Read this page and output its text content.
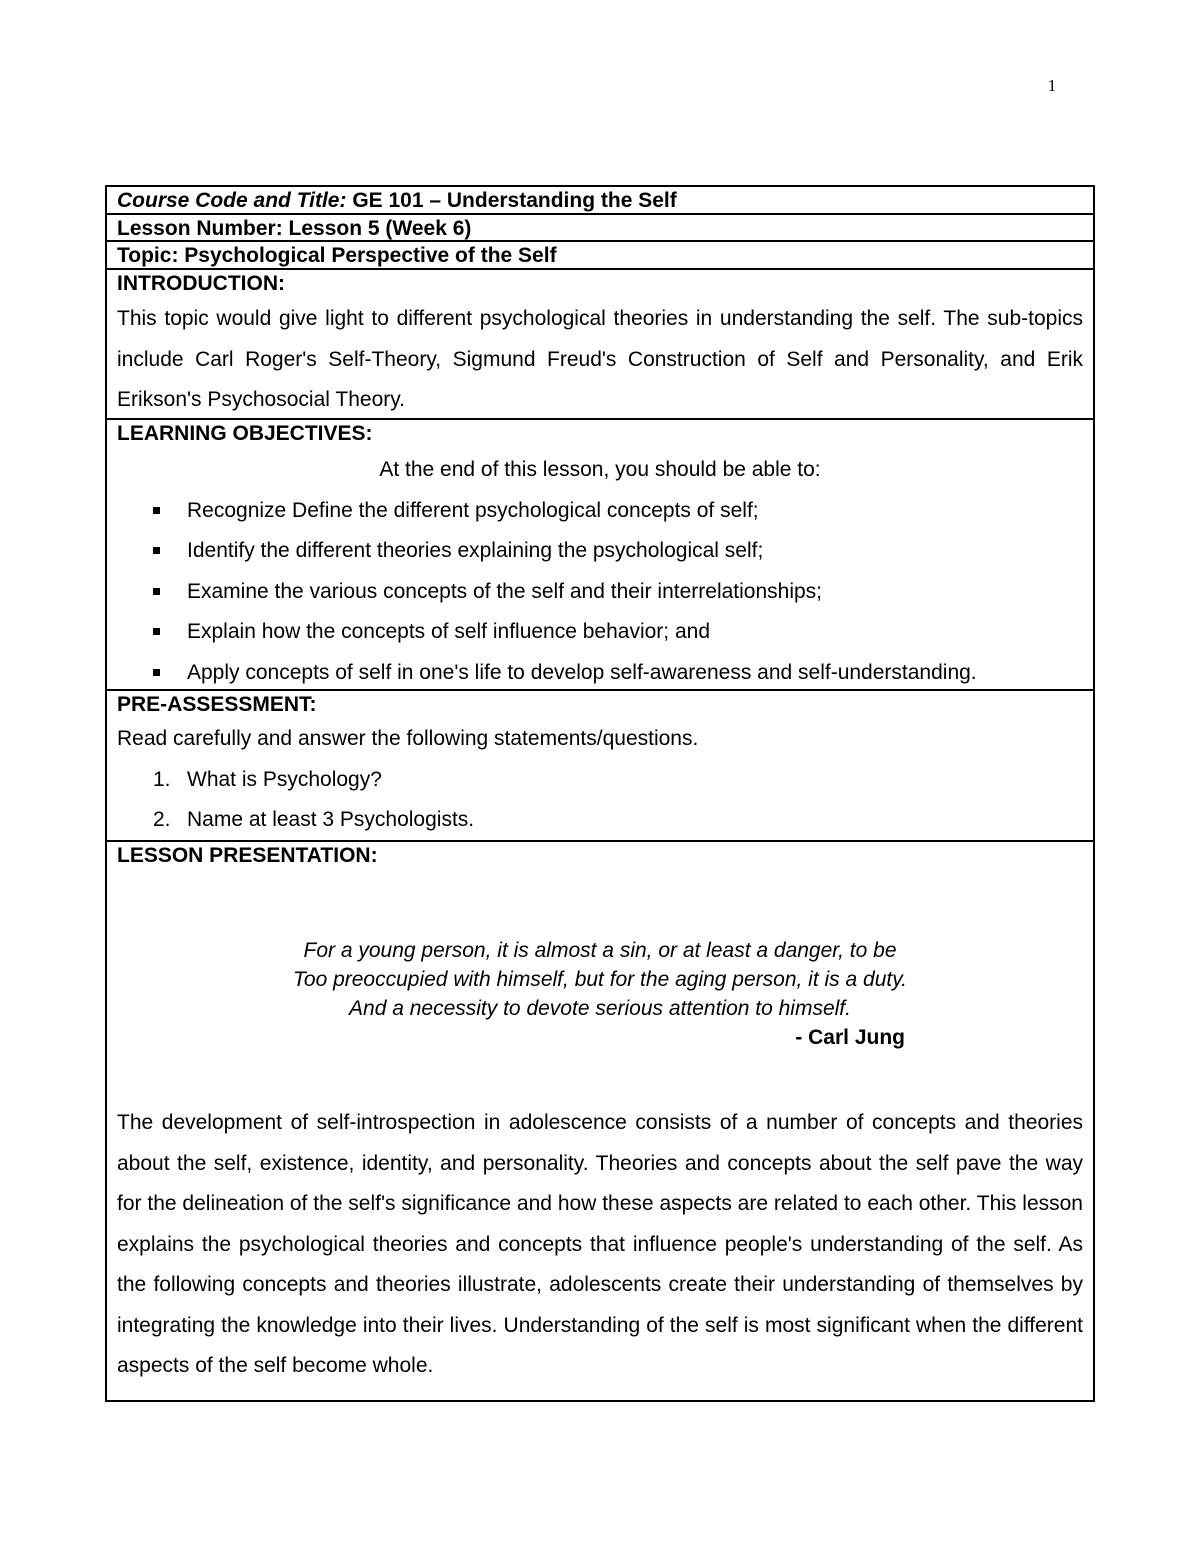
1
Course Code and Title: GE 101 – Understanding the Self
Lesson Number: Lesson 5 (Week 6)
Topic: Psychological Perspective of the Self
INTRODUCTION:
This topic would give light to different psychological theories in understanding the self. The sub-topics include Carl Roger's Self-Theory, Sigmund Freud's Construction of Self and Personality, and Erik Erikson's Psychosocial Theory.
LEARNING OBJECTIVES:
At the end of this lesson, you should be able to:
Recognize Define the different psychological concepts of self;
Identify the different theories explaining the psychological self;
Examine the various concepts of the self and their interrelationships;
Explain how the concepts of self influence behavior; and
Apply concepts of self in one's life to develop self-awareness and self-understanding.
PRE-ASSESSMENT:
Read carefully and answer the following statements/questions.
1. What is Psychology?
2. Name at least 3 Psychologists.
LESSON PRESENTATION:
For a young person, it is almost a sin, or at least a danger, to be
Too preoccupied with himself, but for the aging person, it is a duty.
And a necessity to devote serious attention to himself.
- Carl Jung
The development of self-introspection in adolescence consists of a number of concepts and theories about the self, existence, identity, and personality. Theories and concepts about the self pave the way for the delineation of the self's significance and how these aspects are related to each other. This lesson explains the psychological theories and concepts that influence people's understanding of the self. As the following concepts and theories illustrate, adolescents create their understanding of themselves by integrating the knowledge into their lives. Understanding of the self is most significant when the different aspects of the self become whole.
